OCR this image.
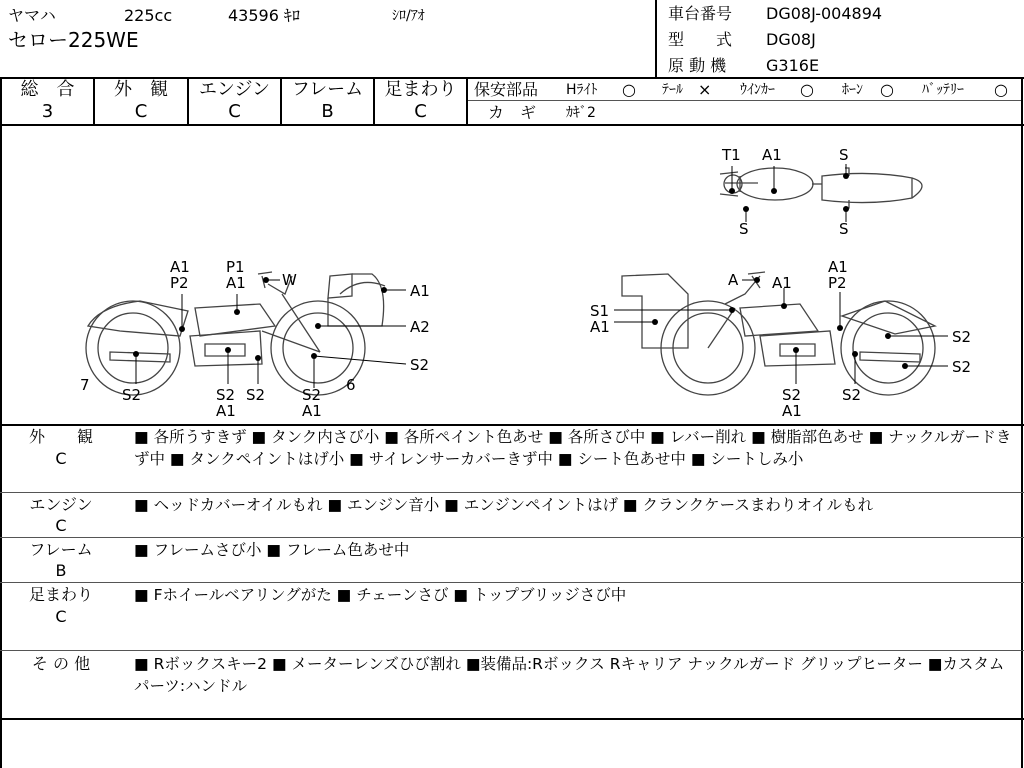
ヤマハ	225cc	43596 ｷﾛ	ｼﾛ/ｱｵ
セロー225WE
車台番号 DG08J-004894
型　　式 DG08J
原 動 機 G316E
総　合
3
外　観
C
エンジン
C
フレーム
B
足まわり
C
保安部品 Hﾗｲﾄ ○ ﾃｰﾙ × ｳｲﾝｶｰ ○ ﾎｰﾝ ○ ﾊﾞｯﾃﾘｰ ○
カ　ギ ｶｷﾞ2
T1 A1	S
S	S
A1
P2
P1
A1 W
A1
A2
S2
7
S2	S2 S2
A1
S2
A1
6
A A1
A1
P2
S1
A1
S2
S2
S2
A1
S2
外　　観
C
■ 各所うすきず ■ タンク内さび小 ■ 各所ペイント色あせ ■ 各所さび中 ■ レバー削れ ■ 樹脂部色あせ ■ ナックルガードきず中 ■ タンクペイントはげ小 ■ サイレンサーカバーきず中 ■ シート色あせ中 ■ シートしみ小
エンジン
C
■ ヘッドカバーオイルもれ ■ エンジン音小 ■ エンジンペイントはげ ■ クランクケースまわりオイルもれ
フレーム
B
■ フレームさび小 ■ フレーム色あせ中
足まわり
C
■ Fホイールベアリングがた ■ チェーンさび ■ トップブリッジさび中
そ の 他	■ Rボックスキー2 ■ メーターレンズひび割れ ■装備品:Rボックス Rキャリア ナックルガード グリップヒーター ■カスタムパーツ:ハンドル
